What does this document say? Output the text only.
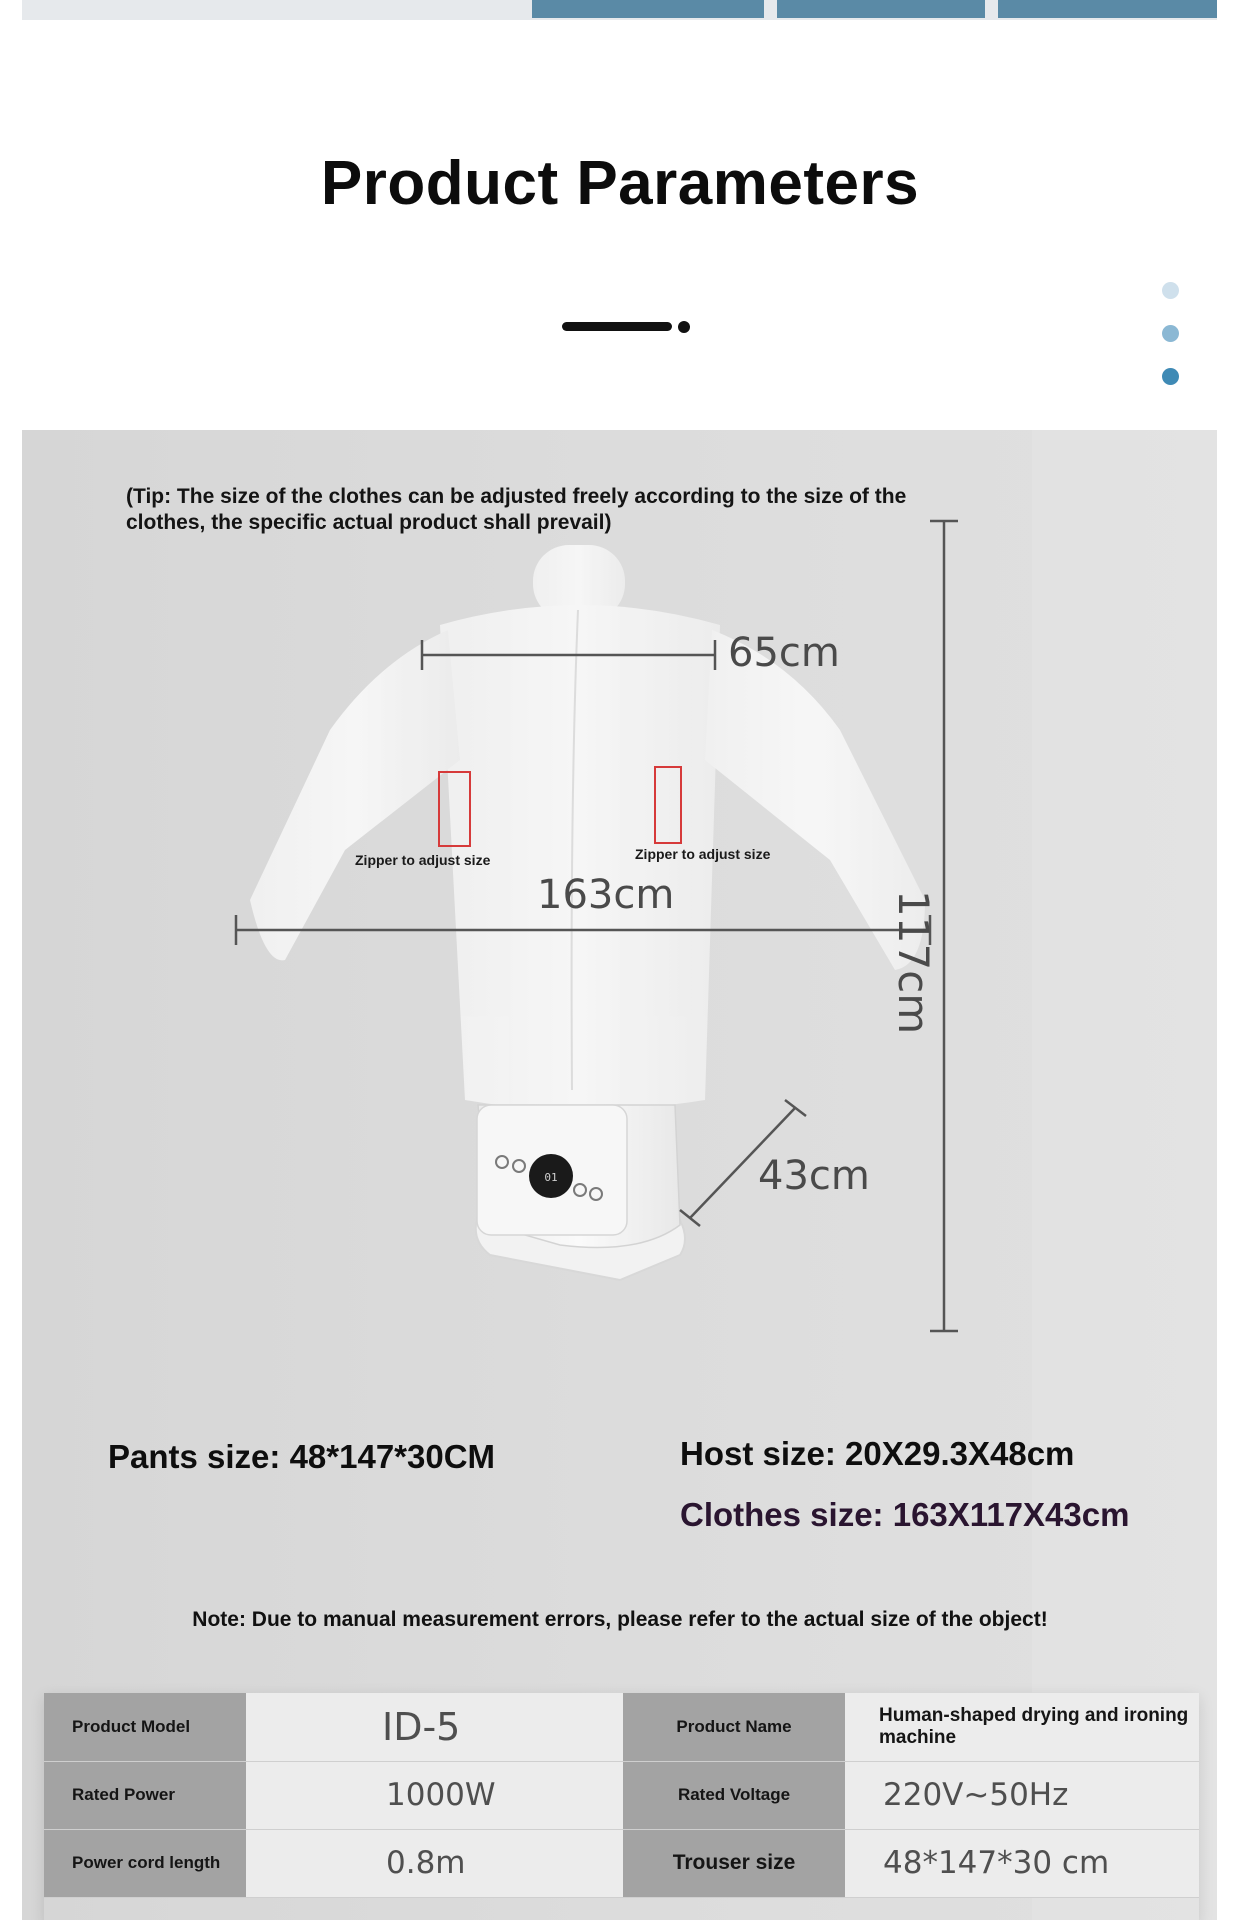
Product Parameters
(Tip: The size of the clothes can be adjusted freely according to the size of the clothes, the specific actual product shall prevail)
01
65cm
163cm
43cm
117cm
Zipper to adjust size	Zipper to adjust size
Pants size: 48*147*30CM	Host size: 20X29.3X48cm
Clothes size: 163X117X43cm
Note: Due to manual measurement errors, please refer to the actual size of the object!
Product Model	ID-5	Product Name	Human-shaped drying and ironing machine
Rated Power	1000W	Rated Voltage	220V~50Hz
Power cord length	0.8m	Trouser size	48*147*30 cm
